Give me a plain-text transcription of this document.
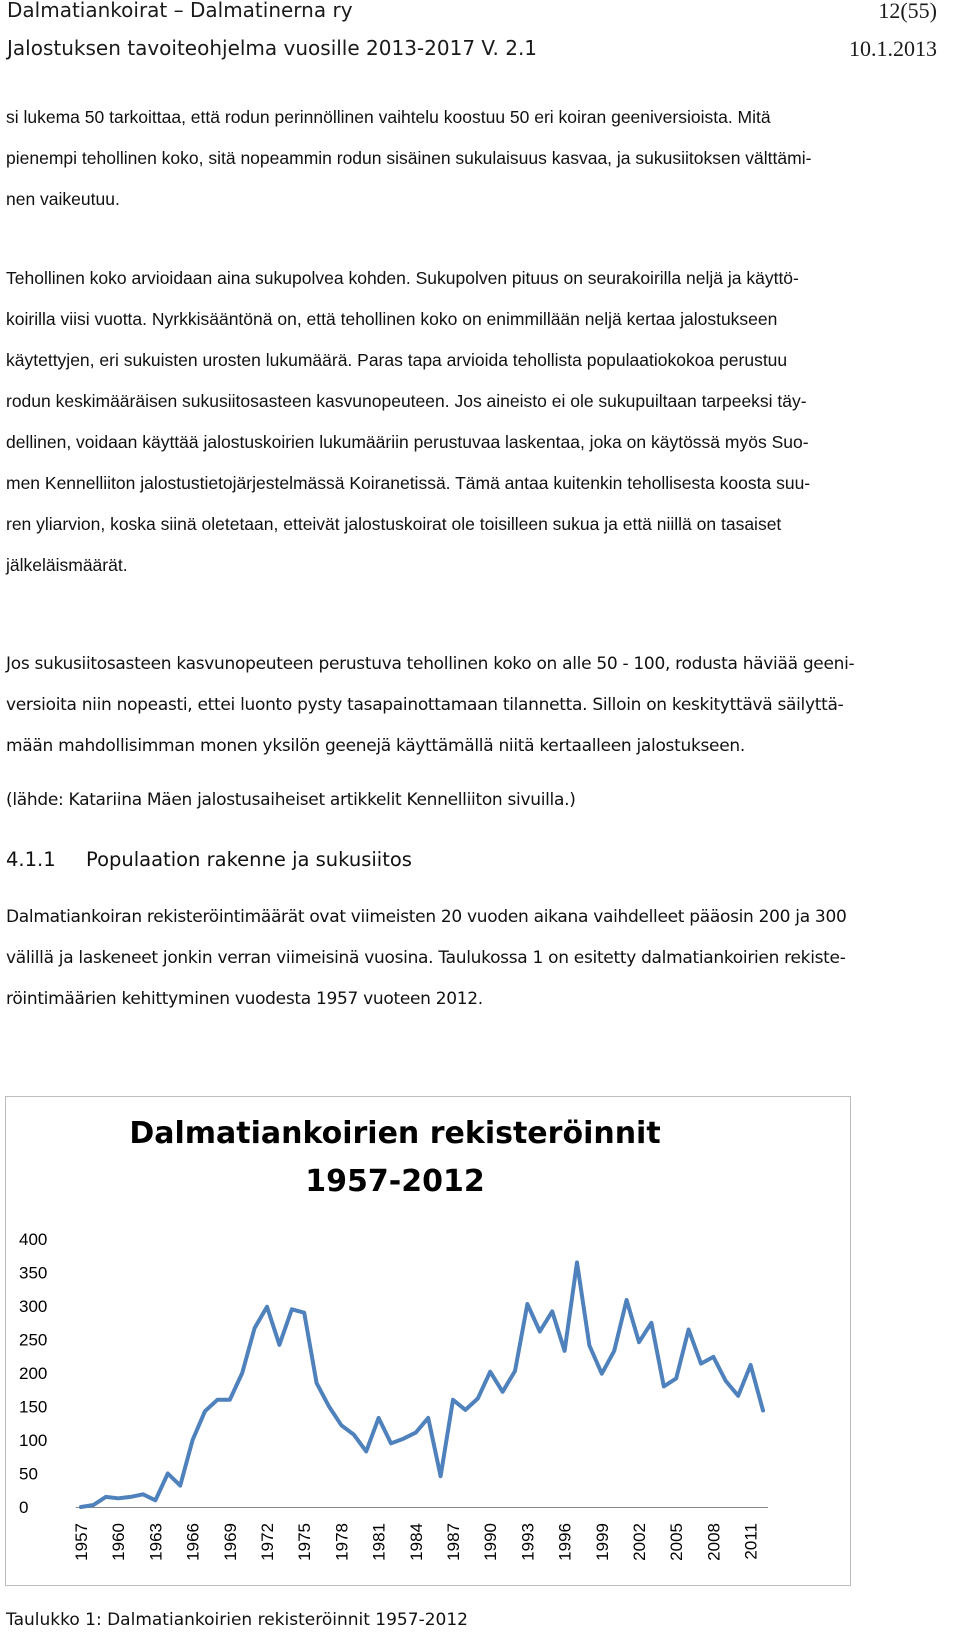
Dalmatiankoirat – Dalmatinerna ry	12(55)
Jalostuksen tavoiteohjelma vuosille 2013-2017 V. 2.1	10.1.2013
si lukema 50 tarkoittaa, että rodun perinnöllinen vaihtelu koostuu 50 eri koiran geeniversioista. Mitä
pienempi tehollinen koko, sitä nopeammin rodun sisäinen sukulaisuus kasvaa, ja sukusiitoksen välttämi-
nen vaikeutuu.
Tehollinen koko arvioidaan aina sukupolvea kohden. Sukupolven pituus on seurakoirilla neljä ja käyttö-
koirilla viisi vuotta. Nyrkkisääntönä on, että tehollinen koko on enimmillään neljä kertaa jalostukseen
käytettyjen, eri sukuisten urosten lukumäärä. Paras tapa arvioida tehollista populaatiokokoa perustuu
rodun keskimääräisen sukusiitosasteen kasvunopeuteen. Jos aineisto ei ole sukupuiltaan tarpeeksi täy-
dellinen, voidaan käyttää jalostuskoirien lukumääriin perustuvaa laskentaa, joka on käytössä myös Suo-
men Kennelliiton jalostustietojärjestelmässä Koiranetissä. Tämä antaa kuitenkin tehollisesta koosta suu-
ren yliarvion, koska siinä oletetaan, etteivät jalostuskoirat ole toisilleen sukua ja että niillä on tasaiset
jälkeläismäärät.
Jos sukusiitosasteen kasvunopeuteen perustuva tehollinen koko on alle 50 - 100, rodusta häviää geeni-
versioita niin nopeasti, ettei luonto pysty tasapainottamaan tilannetta. Silloin on keskityttävä säilyttä-
mään mahdollisimman monen yksilön geenejä käyttämällä niitä kertaalleen jalostukseen.
(lähde: Katariina Mäen jalostusaiheiset artikkelit Kennelliiton sivuilla.)
4.1.1 Populaation rakenne ja sukusiitos
Dalmatiankoiran rekisteröintimäärät ovat viimeisten 20 vuoden aikana vaihdelleet pääosin 200 ja 300
välillä ja laskeneet jonkin verran viimeisinä vuosina. Taulukossa 1 on esitetty dalmatiankoirien rekiste-
röintimäärien kehittyminen vuodesta 1957 vuoteen 2012.
Dalmatiankoirien rekisteröinnit
1957-2012
0
50
100
150
200
250
300
350
400
1957 1960 1963 1966 1969 1972 1975 1978 1981 1984 1987 1990 1993 1996 1999 2002 2005 2008 2011
Taulukko 1: Dalmatiankoirien rekisteröinnit 1957-2012
